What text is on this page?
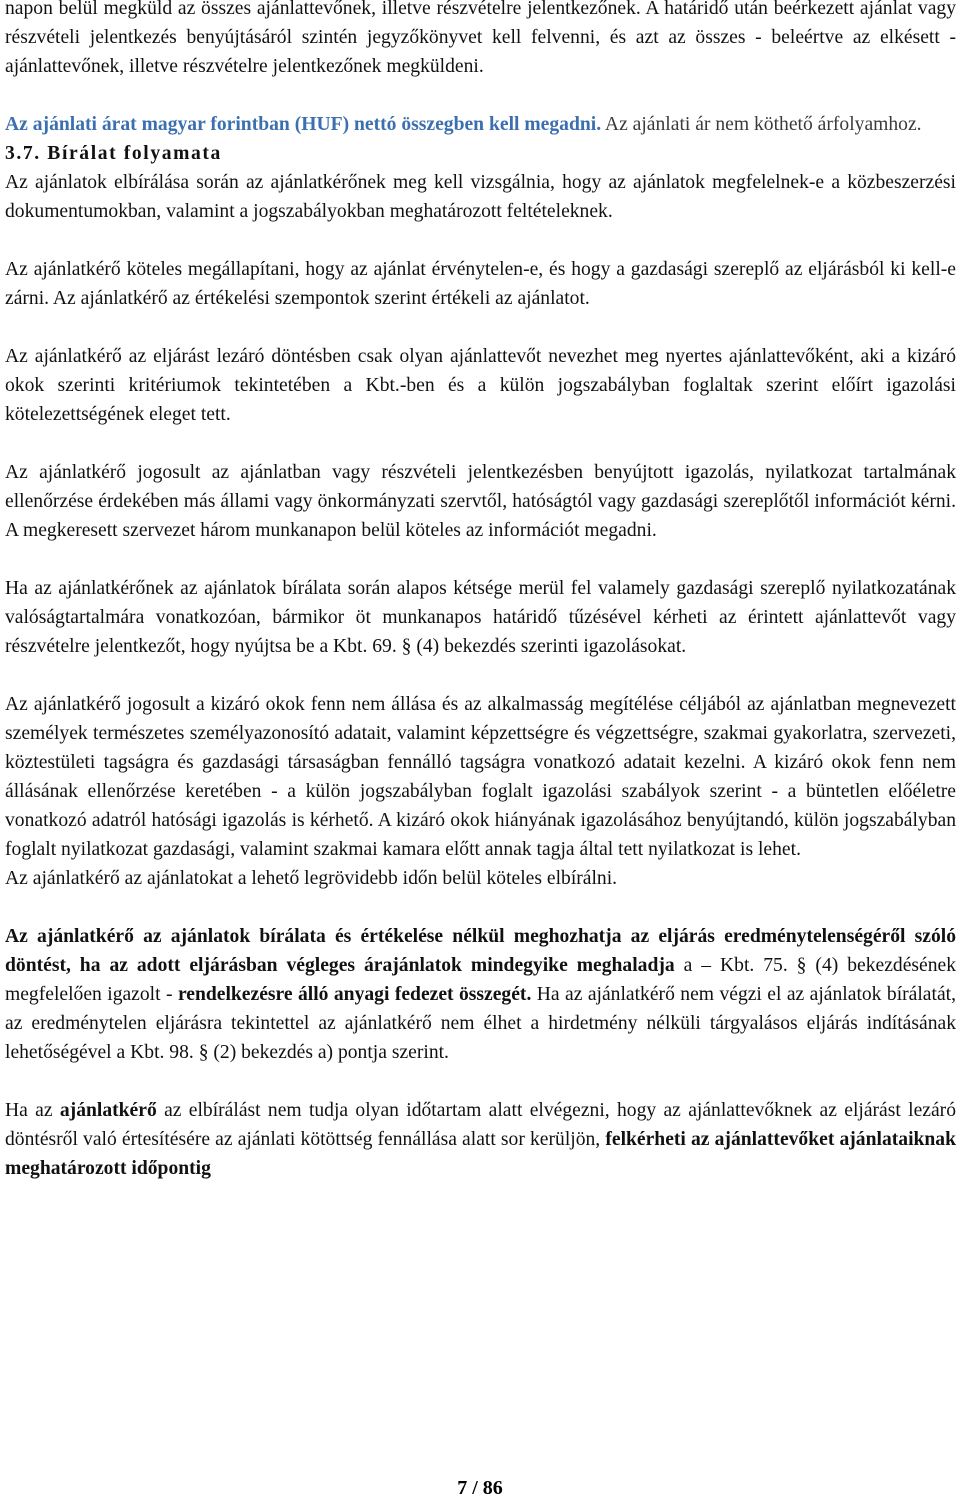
napon belül megküld az összes ajánlattevőnek, illetve részvételre jelentkezőnek. A határidő után beérkezett ajánlat vagy részvételi jelentkezés benyújtásáról szintén jegyzőkönyvet kell felvenni, és azt az összes - beleértve az elkésett - ajánlattevőnek, illetve részvételre jelentkezőnek megküldeni.

Az ajánlati árat magyar forintban (HUF) nettó összegben kell megadni. Az ajánlati ár nem köthető árfolyamhoz.

3.7. Bírálat folyamata

Az ajánlatok elbírálása során az ajánlatkérőnek meg kell vizsgálnia, hogy az ajánlatok megfelelnek-e a közbeszerzési dokumentumokban, valamint a jogszabályokban meghatározott feltételeknek.

Az ajánlatkérő köteles megállapítani, hogy az ajánlat érvénytelen-e, és hogy a gazdasági szereplő az eljárásból ki kell-e zárni. Az ajánlatkérő az értékelési szempontok szerint értékeli az ajánlatot.

Az ajánlatkérő az eljárást lezáró döntésben csak olyan ajánlattevőt nevezhet meg nyertes ajánlattevőként, aki a kizáró okok szerinti kritériumok tekintetében a Kbt.-ben és a külön jogszabályban foglaltak szerint előírt igazolási kötelezettségének eleget tett.

Az ajánlatkérő jogosult az ajánlatban vagy részvételi jelentkezésben benyújtott igazolás, nyilatkozat tartalmának ellenőrzése érdekében más állami vagy önkormányzati szervtől, hatóságtól vagy gazdasági szereplőtől információt kérni. A megkeresett szervezet három munkanapon belül köteles az információt megadni.

Ha az ajánlatkérőnek az ajánlatok bírálata során alapos kétsége merül fel valamely gazdasági szereplő nyilatkozatának valóságtartalmára vonatkozóan, bármikor öt munkanapos határidő tűzésével kérheti az érintett ajánlattevőt vagy részvételre jelentkezőt, hogy nyújtsa be a Kbt. 69. § (4) bekezdés szerinti igazolásokat.

Az ajánlatkérő jogosult a kizáró okok fenn nem állása és az alkalmasság megítélése céljából az ajánlatban megnevezett személyek természetes személyazonosító adatait, valamint képzettségre és végzettségre, szakmai gyakorlatra, szervezeti, köztestületi tagságra és gazdasági társaságban fennálló tagságra vonatkozó adatait kezelni. A kizáró okok fenn nem állásának ellenőrzése keretében - a külön jogszabályban foglalt igazolási szabályok szerint - a büntetlen előéletre vonatkozó adatról hatósági igazolás is kérhető. A kizáró okok hiányának igazolásához benyújtandó, külön jogszabályban foglalt nyilatkozat gazdasági, valamint szakmai kamara előtt annak tagja által tett nyilatkozat is lehet.

Az ajánlatkérő az ajánlatokat a lehető legrövidebb időn belül köteles elbírálni.

Az ajánlatkérő az ajánlatok bírálata és értékelése nélkül meghozhatja az eljárás eredménytelenségéről szóló döntést, ha az adott eljárásban végleges árajánlatok mindegyike meghaladja a – Kbt. 75. § (4) bekezdésének megfelelően igazolt - rendelkezésre álló anyagi fedezet összegét. Ha az ajánlatkérő nem végzi el az ajánlatok bírálatát, az eredménytelen eljárásra tekintettel az ajánlatkérő nem élhet a hirdetmény nélküli tárgyalásos eljárás indításának lehetőségével a Kbt. 98. § (2) bekezdés a) pontja szerint.

Ha az ajánlatkérő az elbírálást nem tudja olyan időtartam alatt elvégezni, hogy az ajánlattevőknek az eljárást lezáró döntésről való értesítésére az ajánlati kötöttség fennállása alatt sor kerüljön, felkérheti az ajánlattevőket ajánlataiknak meghatározott időpontig

7 / 86
